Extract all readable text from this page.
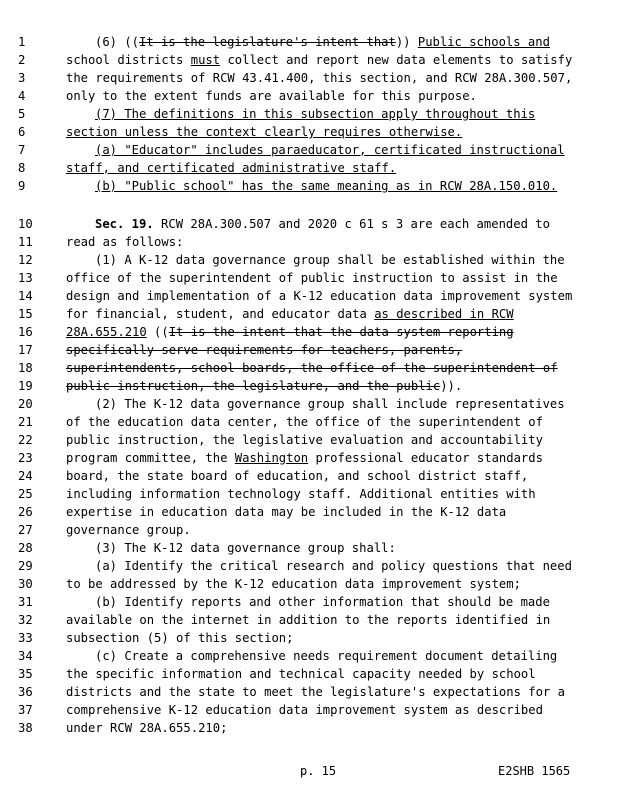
1	(6) ((It is the legislature's intent that)) Public schools and
2	school districts must collect and report new data elements to satisfy
3	the requirements of RCW 43.41.400, this section, and RCW 28A.300.507,
4	only to the extent funds are available for this purpose.
5	(7) The definitions in this subsection apply throughout this
6	section unless the context clearly requires otherwise.
7	(a) "Educator" includes paraeducator, certificated instructional
8	staff, and certificated administrative staff.
9	(b) "Public school" has the same meaning as in RCW 28A.150.010.
10	Sec. 19. RCW 28A.300.507 and 2020 c 61 s 3 are each amended to
11	read as follows:
12	(1) A K-12 data governance group shall be established within the
13	office of the superintendent of public instruction to assist in the
14	design and implementation of a K-12 education data improvement system
15	for financial, student, and educator data as described in RCW
16	28A.655.210 ((It is the intent that the data system reporting
17	specifically serve requirements for teachers, parents,
18	superintendents, school boards, the office of the superintendent of
19	public instruction, the legislature, and the public)).
20	(2) The K-12 data governance group shall include representatives
21	of the education data center, the office of the superintendent of
22	public instruction, the legislative evaluation and accountability
23	program committee, the Washington professional educator standards
24	board, the state board of education, and school district staff,
25	including information technology staff. Additional entities with
26	expertise in education data may be included in the K-12 data
27	governance group.
28	(3) The K-12 data governance group shall:
29	(a) Identify the critical research and policy questions that need
30	to be addressed by the K-12 education data improvement system;
31	(b) Identify reports and other information that should be made
32	available on the internet in addition to the reports identified in
33	subsection (5) of this section;
34	(c) Create a comprehensive needs requirement document detailing
35	the specific information and technical capacity needed by school
36	districts and the state to meet the legislature's expectations for a
37	comprehensive K-12 education data improvement system as described
38	under RCW 28A.655.210;
p. 15	E2SHB 1565
